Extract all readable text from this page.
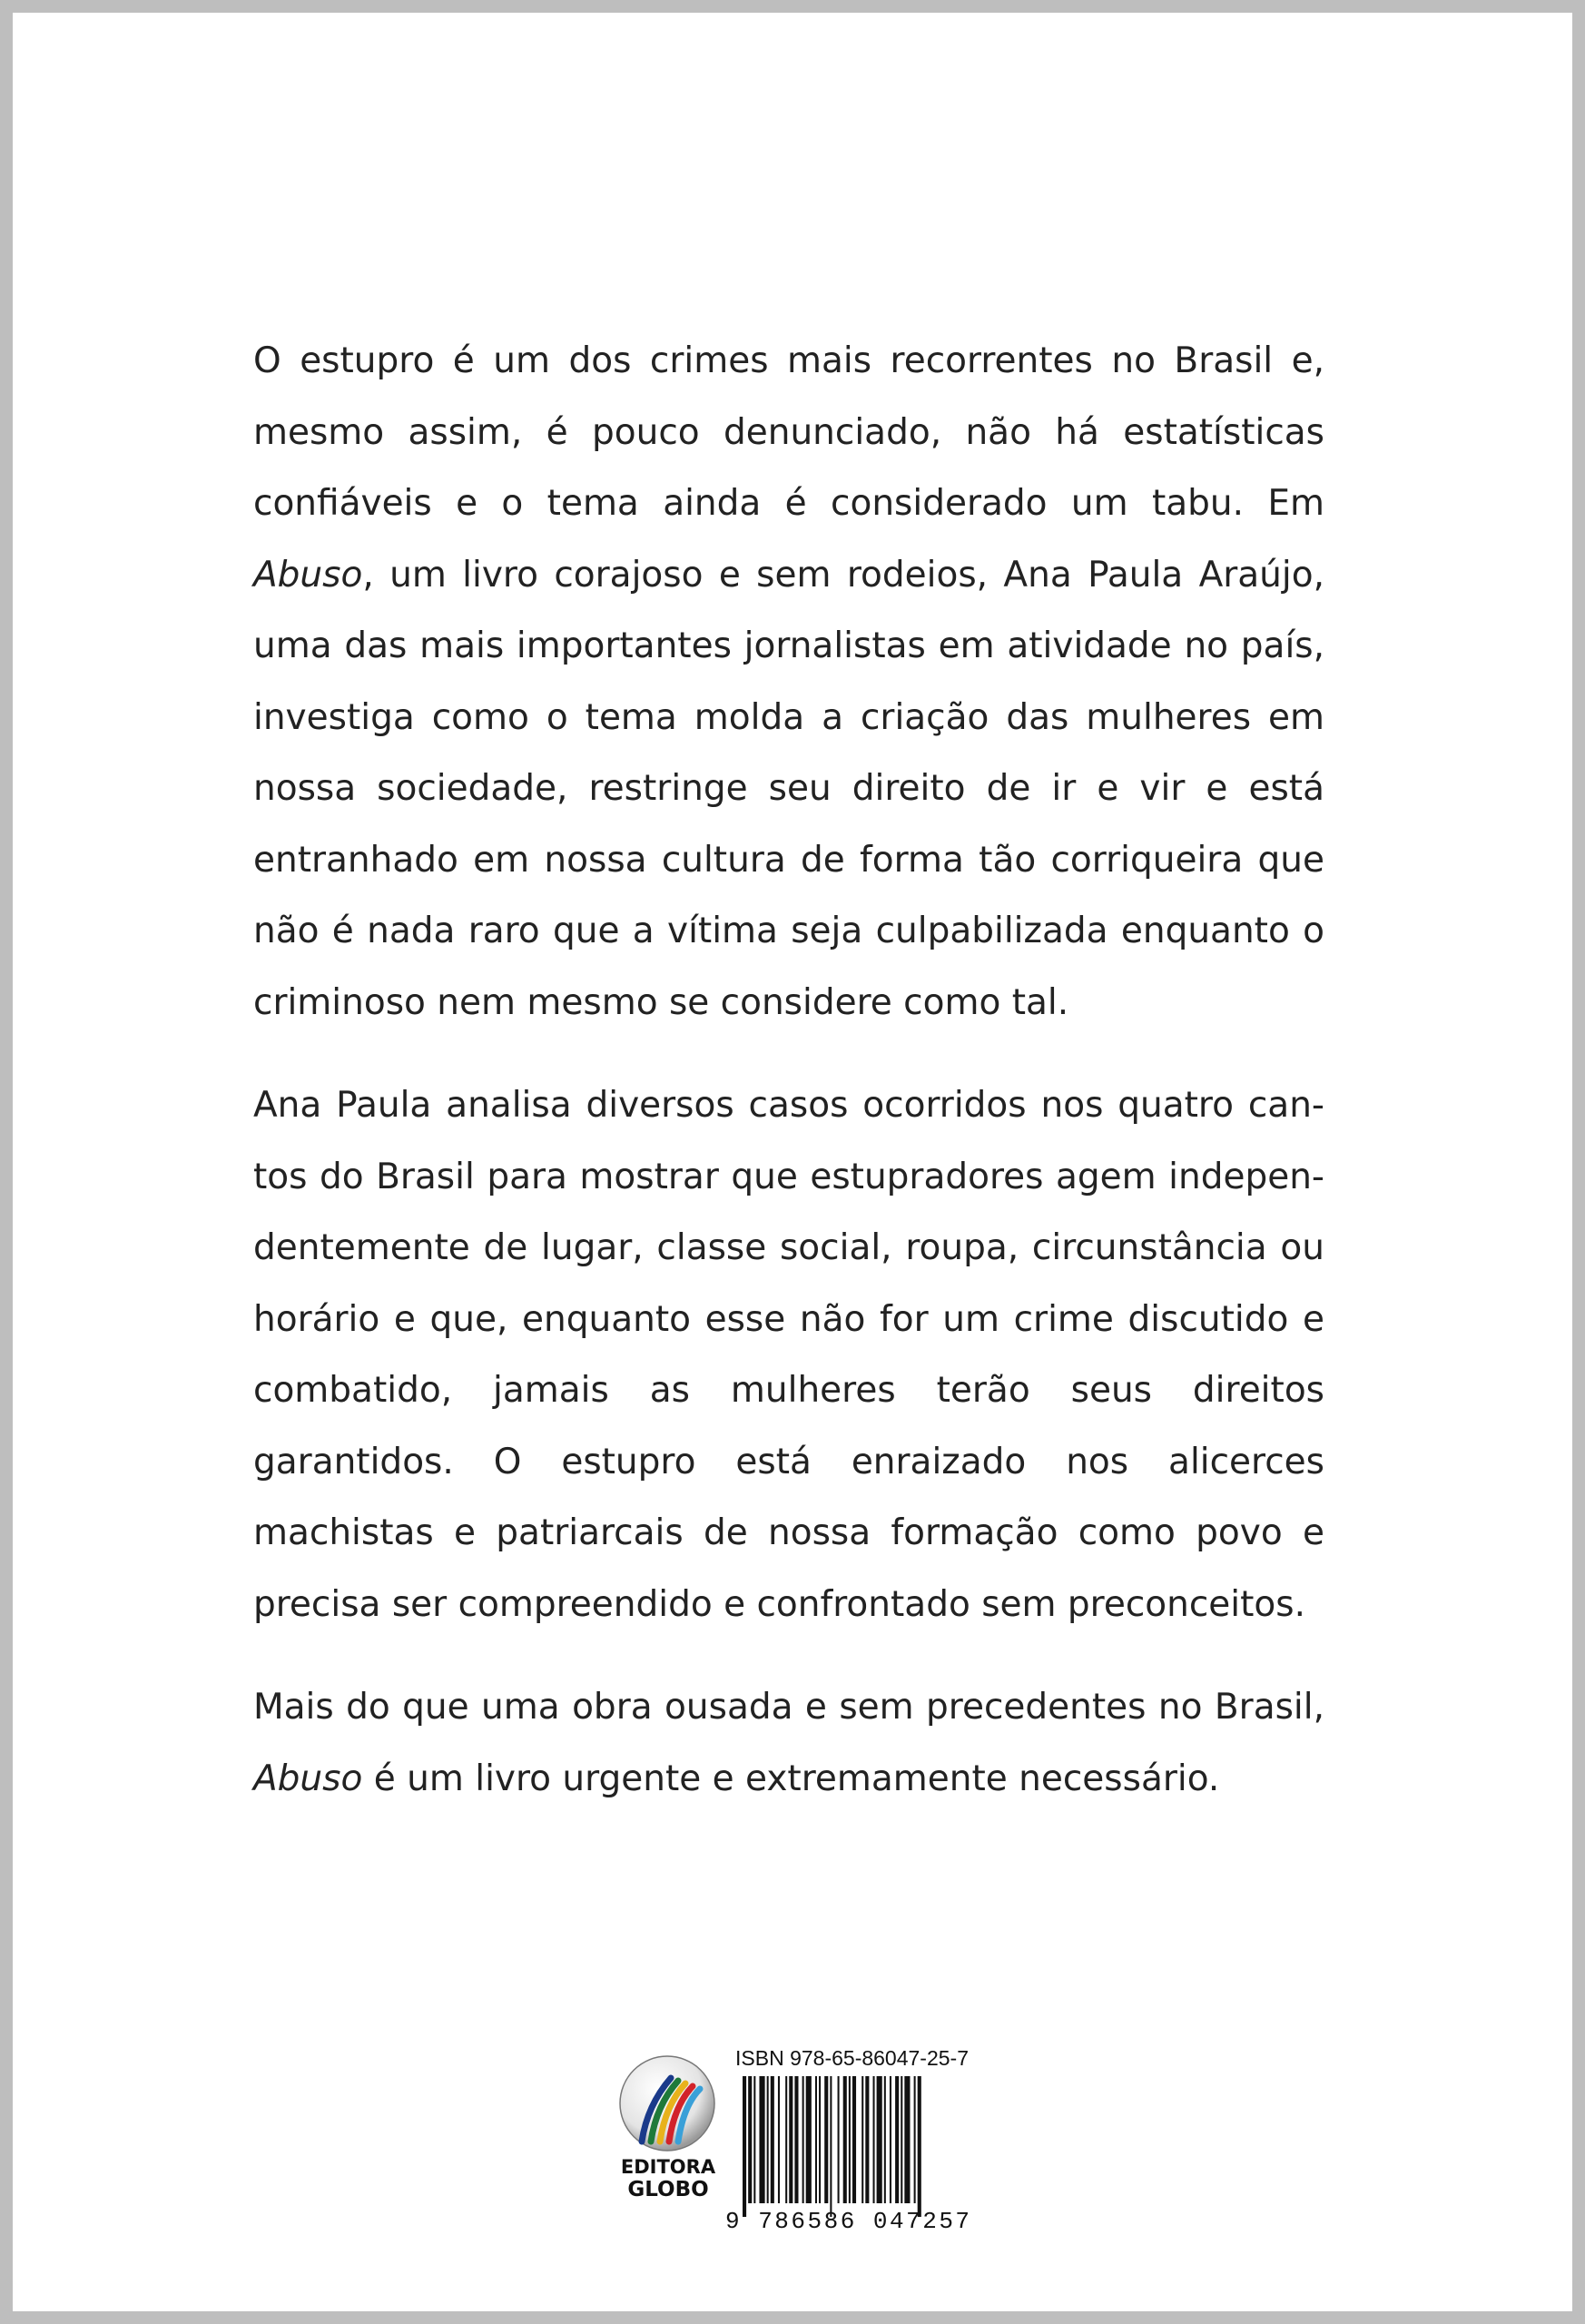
O estupro é um dos crimes mais recorrentes no Brasil e, mesmo assim, é pouco denunciado, não há estatísticas confiáveis e o tema ainda é considerado um tabu. Em Abuso, um livro corajoso e sem rodeios, Ana Paula Araújo, uma das mais importantes jornalistas em atividade no país, investiga como o tema molda a criação das mulheres em nossa sociedade, restringe seu direito de ir e vir e está entranhado em nossa cultura de forma tão corriqueira que não é nada raro que a vítima seja culpabilizada enquanto o criminoso nem mesmo se considere como tal.

Ana Paula analisa diversos casos ocorridos nos quatro cantos do Brasil para mostrar que estupradores agem independentemente de lugar, classe social, roupa, circunstância ou horário e que, enquanto esse não for um crime discutido e combatido, jamais as mulheres terão seus direitos garantidos. O estupro está enraizado nos alicerces machistas e patriarcais de nossa formação como povo e precisa ser compreendido e confrontado sem preconceitos.

Mais do que uma obra ousada e sem precedentes no Brasil, Abuso é um livro urgente e extremamente necessário.

EDITORA
GLOBO
ISBN 978-65-86047-25-7
9 786586 047257
